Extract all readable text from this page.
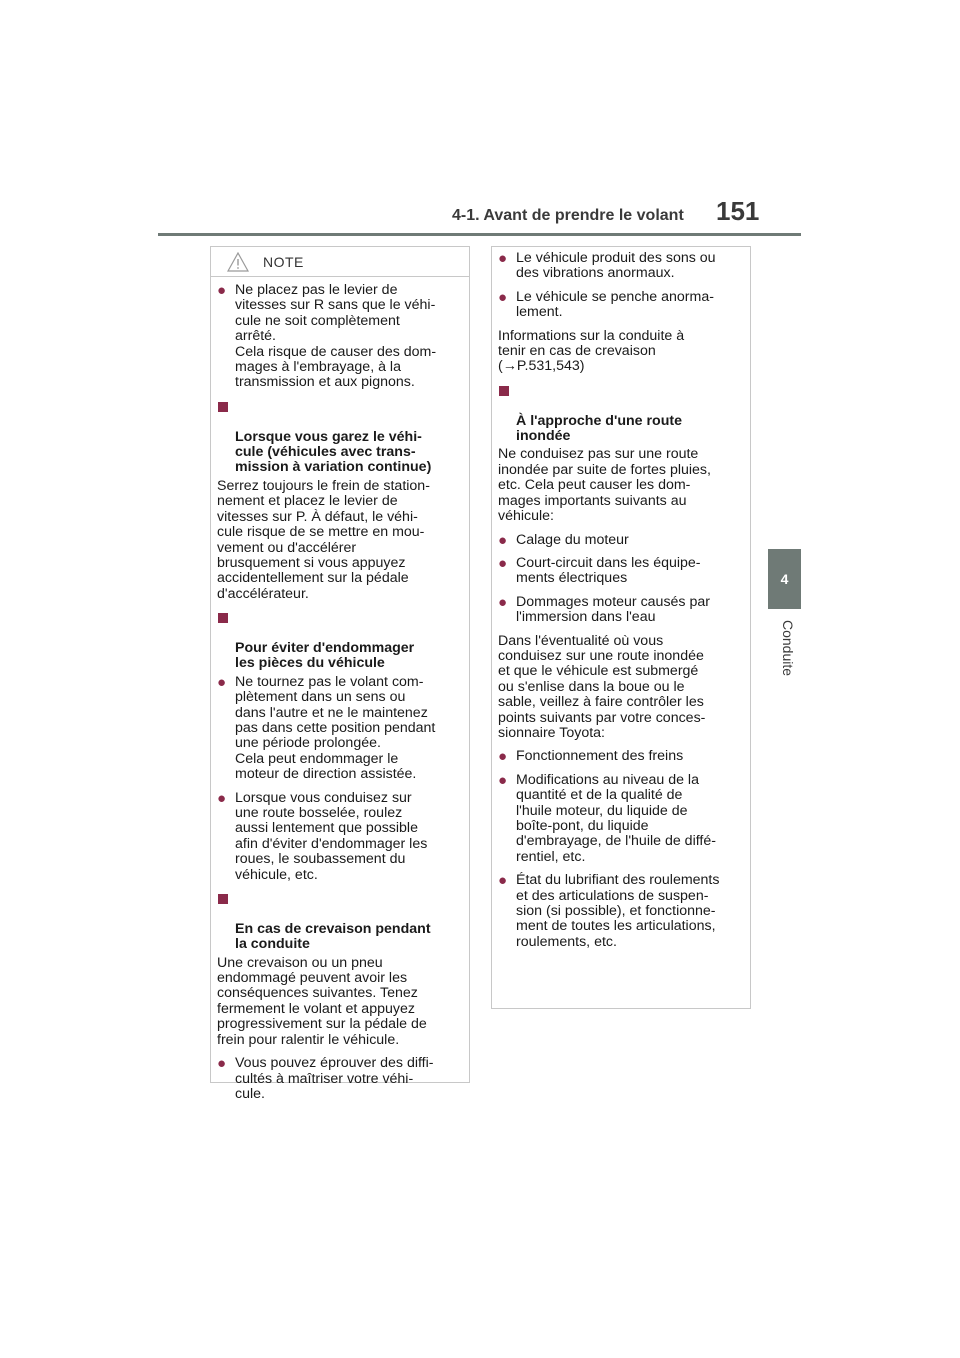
4-1. Avant de prendre le volant	151
4
Conduite
NOTE
● Ne placez pas le levier de
vitesses sur R sans que le véhi-
cule ne soit complètement
arrêté.
Cela risque de causer des dom-
mages à l'embrayage, à la
transmission et aux pignons.

Lorsque vous garez le véhi-
cule (véhicules avec trans-
mission à variation continue)

Serrez toujours le frein de station-
nement et placez le levier de
vitesses sur P. À défaut, le véhi-
cule risque de se mettre en mou-
vement ou d'accélérer
brusquement si vous appuyez
accidentellement sur la pédale
d'accélérateur.

Pour éviter d'endommager
les pièces du véhicule

● Ne tournez pas le volant com-
plètement dans un sens ou
dans l'autre et ne le maintenez
pas dans cette position pendant
une période prolongée.
Cela peut endommager le
moteur de direction assistée.
● Lorsque vous conduisez sur
une route bosselée, roulez
aussi lentement que possible
afin d'éviter d'endommager les
roues, le soubassement du
véhicule, etc.

En cas de crevaison pendant
la conduite

Une crevaison ou un pneu
endommagé peuvent avoir les
conséquences suivantes. Tenez
fermement le volant et appuyez
progressivement sur la pédale de
frein pour ralentir le véhicule.
● Vous pouvez éprouver des diffi-
cultés à maîtriser votre véhi-
cule.
● Le véhicule produit des sons ou
des vibrations anormaux.
● Le véhicule se penche anorma-
lement.
Informations sur la conduite à
tenir en cas de crevaison
(→P.531,543)

À l'approche d'une route
inondée

Ne conduisez pas sur une route
inondée par suite de fortes pluies,
etc. Cela peut causer les dom-
mages importants suivants au
véhicule:
● Calage du moteur
● Court-circuit dans les équipe-
ments électriques
● Dommages moteur causés par
l'immersion dans l'eau
Dans l'éventualité où vous
conduisez sur une route inondée
et que le véhicule est submergé
ou s'enlise dans la boue ou le
sable, veillez à faire contrôler les
points suivants par votre conces-
sionnaire Toyota:
● Fonctionnement des freins
● Modifications au niveau de la
quantité et de la qualité de
l'huile moteur, du liquide de
boîte-pont, du liquide
d'embrayage, de l'huile de diffé-
rentiel, etc.
● État du lubrifiant des roulements
et des articulations de suspen-
sion (si possible), et fonctionne-
ment de toutes les articulations,
roulements, etc.
